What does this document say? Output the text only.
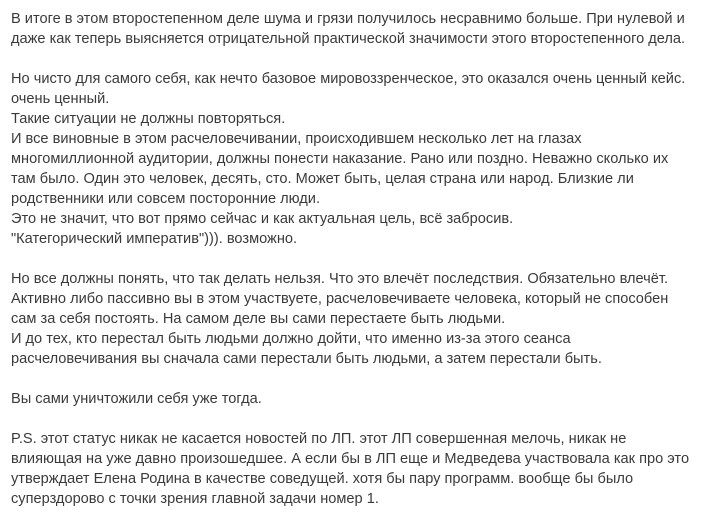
В итоге в этом второстепенном деле шума и грязи получилось несравнимо больше. При нулевой и
даже как теперь выясняется отрицательной практической значимости этого второстепенного дела.
Но чисто для самого себя, как нечто базовое мировоззренческое, это оказался очень ценный кейс.
очень ценный.
Такие ситуации не должны повторяться.
И все виновные в этом расчеловечивании, происходившем несколько лет на глазах
многомиллионной аудитории, должны понести наказание. Рано или поздно. Неважно сколько их
там было. Один это человек, десять, сто. Может быть, целая страна или народ. Близкие ли
родственники или совсем посторонние люди.
Это не значит, что вот прямо сейчас и как актуальная цель, всё забросив.
"Категорический императив"))). возможно.
Но все должны понять, что так делать нельзя. Что это влечёт последствия. Обязательно влечёт.
Активно либо пассивно вы в этом участвуете, расчеловечиваете человека, который не способен
сам за себя постоять. На самом деле вы сами перестаете быть людьми.
И до тех, кто перестал быть людьми должно дойти, что именно из-за этого сеанса
расчеловечивания вы сначала сами перестали быть людьми, а затем перестали быть.
Вы сами уничтожили себя уже тогда.
P.S. этот статус никак не касается новостей по ЛП. этот ЛП совершенная мелочь, никак не
влияющая на уже давно произошедшее. А если бы в ЛП еще и Медведева участвовала как про это
утверждает Елена Родина в качестве соведущей. хотя бы пару программ. вообще бы было
суперздорово с точки зрения главной задачи номер 1.
